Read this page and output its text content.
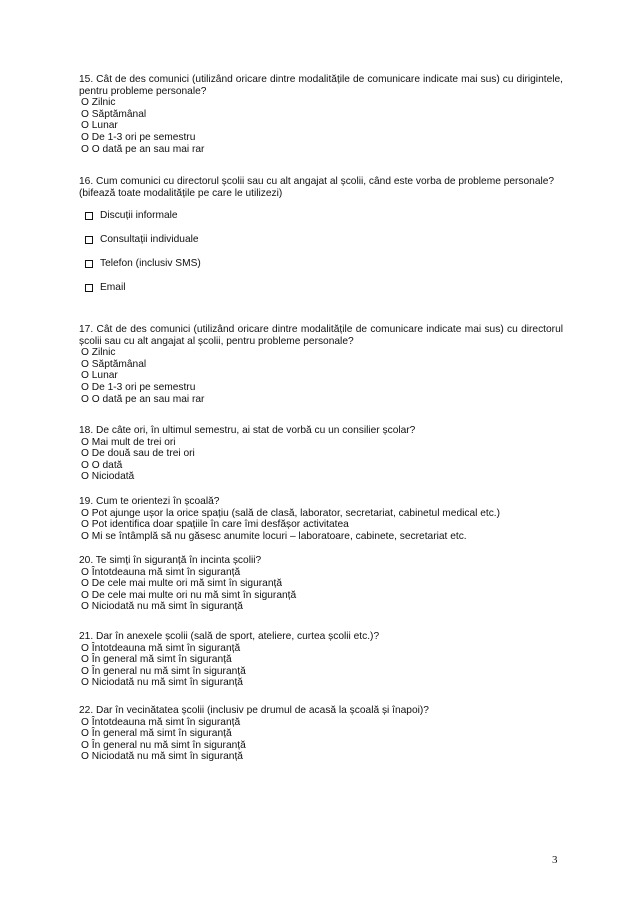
15. Cât de des comunici (utilizând oricare dintre modalitățile de comunicare indicate mai sus) cu dirigintele, pentru probleme personale?
O Zilnic
O Săptămânal
O Lunar
O De 1-3 ori pe semestru
O O dată pe an sau mai rar
16. Cum comunici cu directorul școlii sau cu alt angajat al școlii, când este vorba de probleme personale?
(bifează toate modalitățile pe care le utilizezi)
Discuții informale
Consultații individuale
Telefon (inclusiv SMS)
Email
17. Cât de des comunici (utilizând oricare dintre modalitățile de comunicare indicate mai sus) cu directorul școlii sau cu alt angajat al școlii, pentru probleme personale?
O Zilnic
O Săptămânal
O Lunar
O De 1-3 ori pe semestru
O O dată pe an sau mai rar
18. De câte ori, în ultimul semestru, ai stat de vorbă cu un consilier școlar?
O Mai mult de trei ori
O De două sau de trei ori
O O dată
O Niciodată
19. Cum te orientezi în școală?
O Pot ajunge ușor la orice spațiu (sală de clasă, laborator, secretariat, cabinetul medical etc.)
O Pot identifica doar spațiile în care îmi desfășor activitatea
O Mi se întâmplă să nu găsesc anumite locuri – laboratoare, cabinete, secretariat etc.
20. Te simți în siguranță în incinta școlii?
O Întotdeauna mă simt în siguranță
O De cele mai multe ori mă simt în siguranță
O De cele mai multe ori nu mă simt în siguranță
O Niciodată nu mă simt în siguranță
21. Dar în anexele școlii (sală de sport, ateliere, curtea școlii etc.)?
O Întotdeauna mă simt în siguranță
O În general mă simt în siguranță
O În general nu mă simt în siguranță
O Niciodată nu mă simt în siguranță
22. Dar în vecinătatea școlii (inclusiv pe drumul de acasă la școală și înapoi)?
O Întotdeauna mă simt în siguranță
O În general mă simt în siguranță
O În general nu mă simt în siguranță
O Niciodată nu mă simt în siguranță
3
